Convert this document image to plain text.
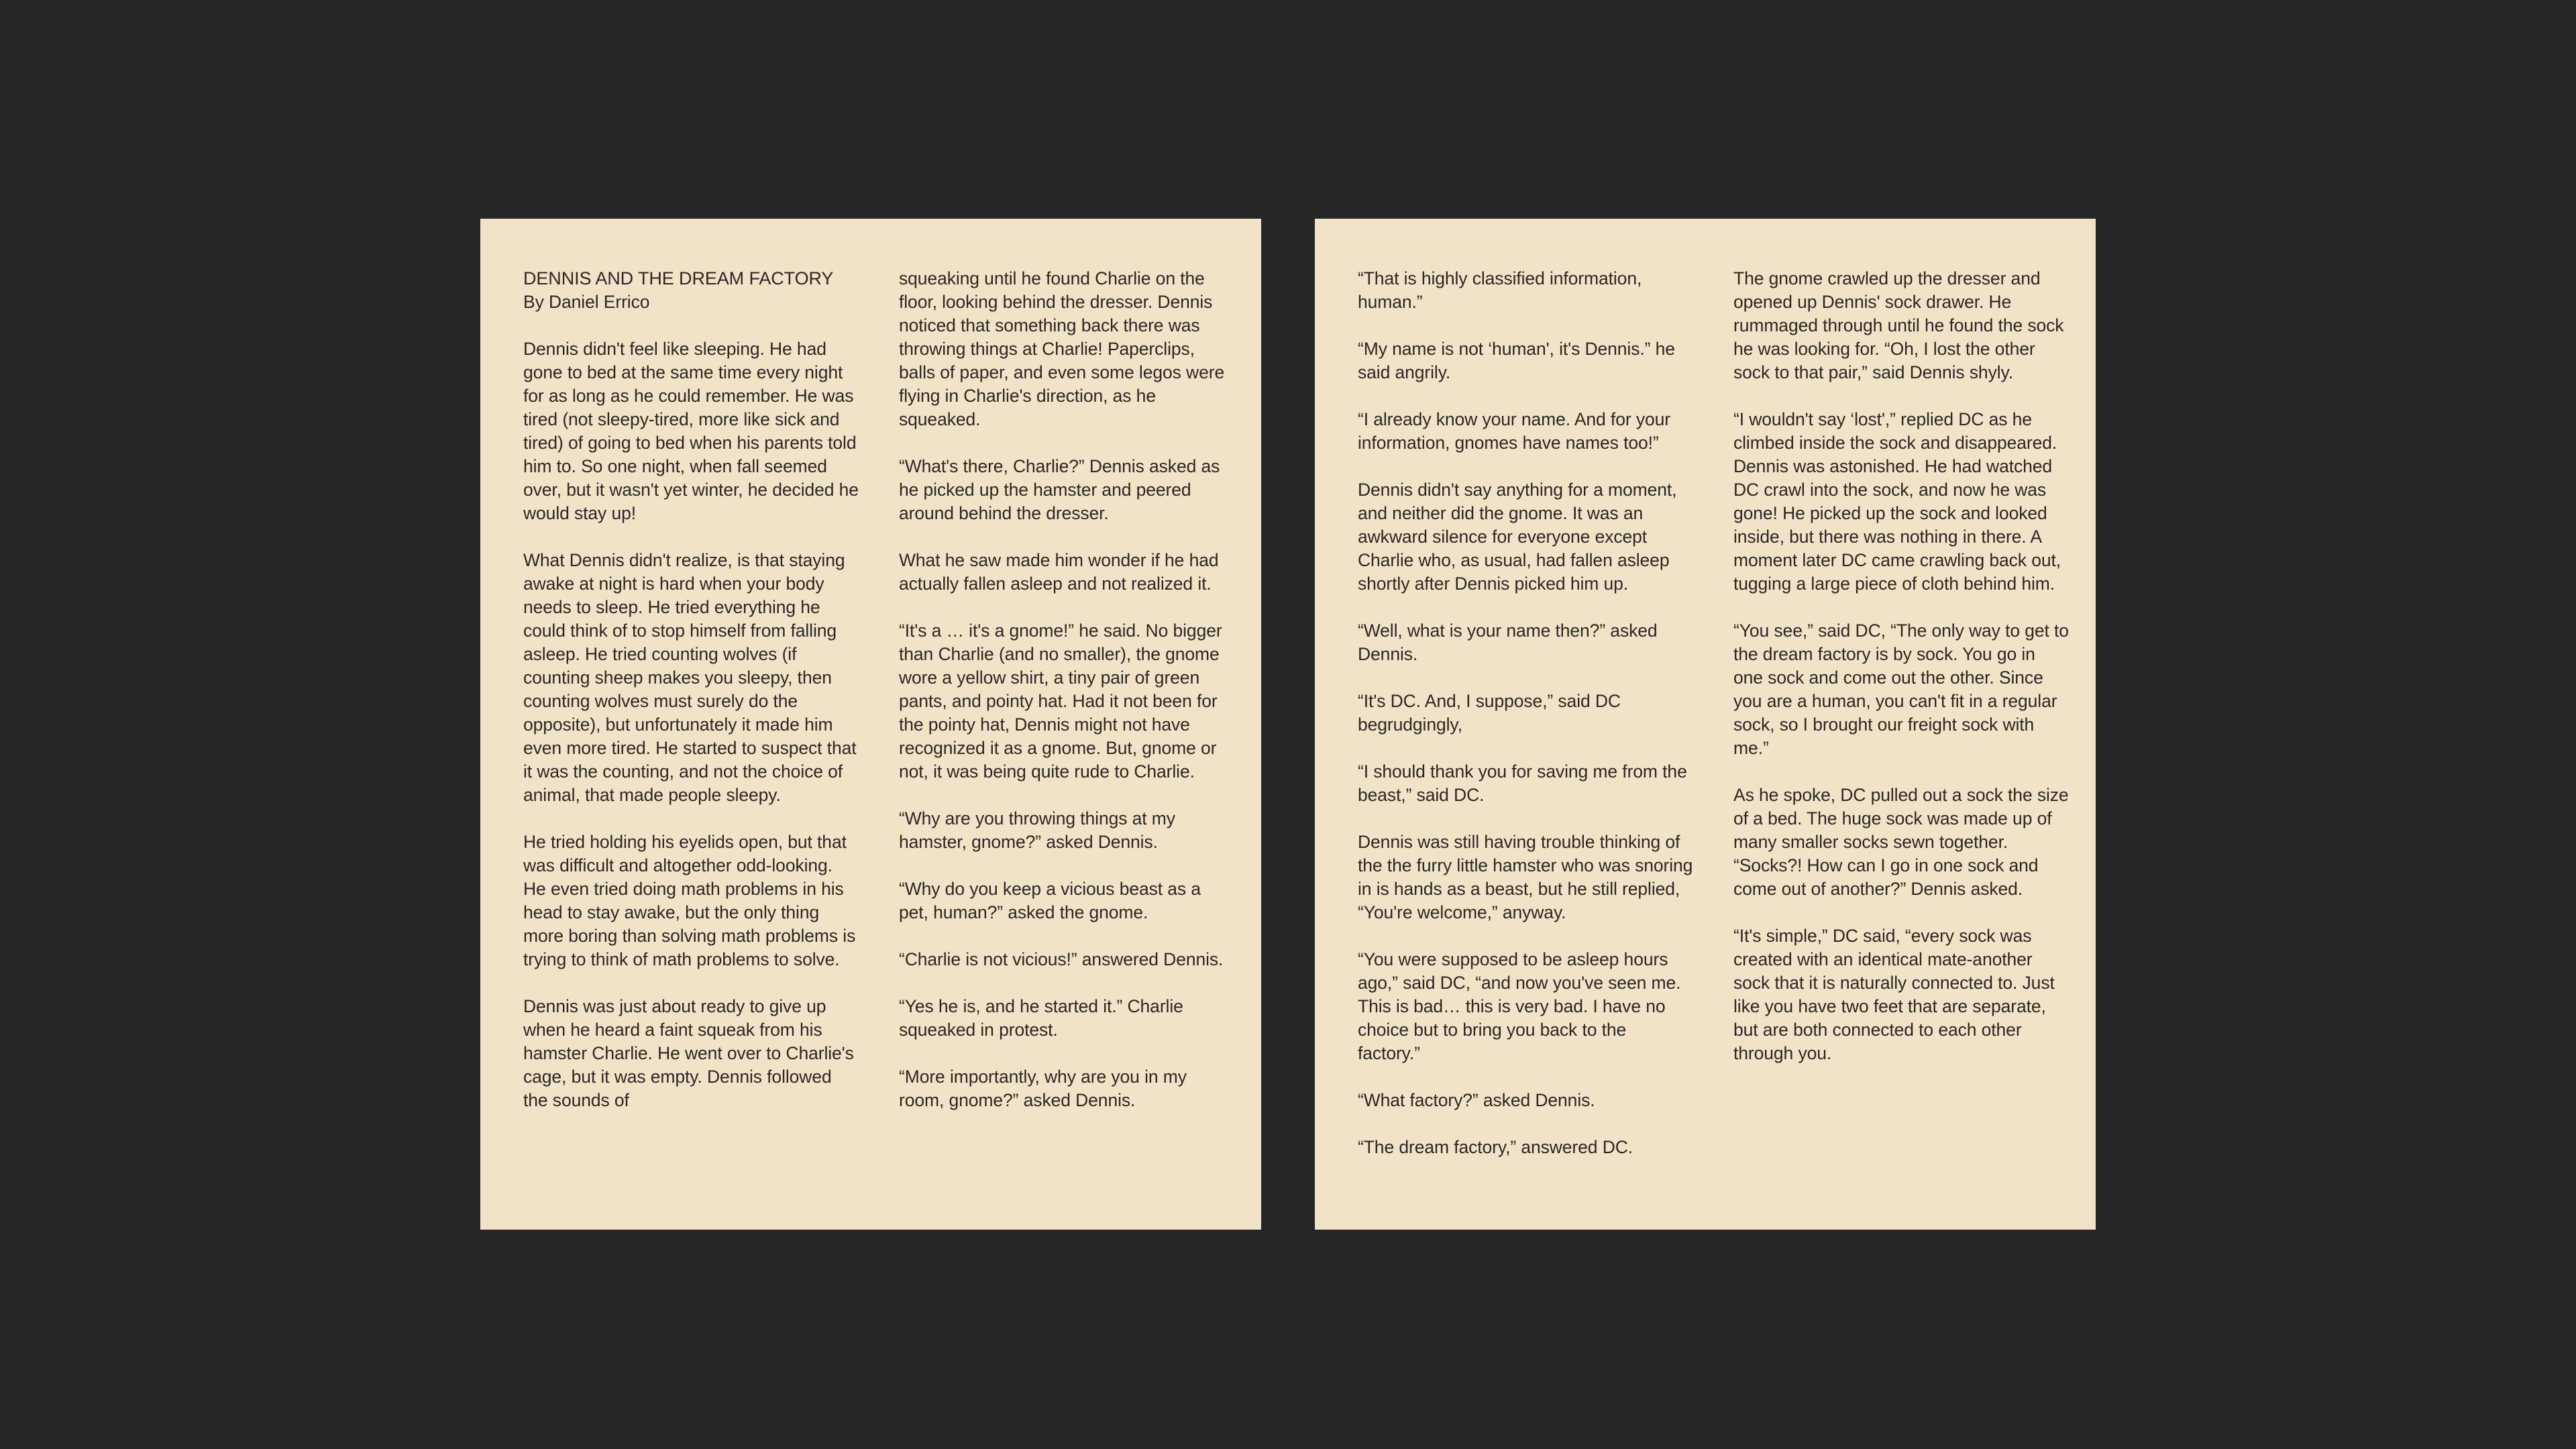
DENNIS AND THE DREAM FACTORY

By Daniel Errico

Dennis didn't feel like sleeping. He had gone to bed at the same time every night for as long as he could remember. He was tired (not sleepy-tired, more like sick and tired) of going to bed when his parents told him to. So one night, when fall seemed over, but it wasn't yet winter, he decided he would stay up!

What Dennis didn't realize, is that staying awake at night is hard when your body needs to sleep. He tried everything he could think of to stop himself from falling asleep. He tried counting wolves (if counting sheep makes you sleepy, then counting wolves must surely do the opposite), but unfortunately it made him even more tired. He started to suspect that it was the counting, and not the choice of animal, that made people sleepy.

He tried holding his eyelids open, but that was difficult and altogether odd-looking. He even tried doing math problems in his head to stay awake, but the only thing more boring than solving math problems is trying to think of math problems to solve.

Dennis was just about ready to give up when he heard a faint squeak from his hamster Charlie. He went over to Charlie's cage, but it was empty. Dennis followed the sounds of

squeaking until he found Charlie on the floor, looking behind the dresser. Dennis noticed that something back there was throwing things at Charlie! Paperclips, balls of paper, and even some legos were flying in Charlie's direction, as he squeaked.

“What's there, Charlie?” Dennis asked as he picked up the hamster and peered around behind the dresser.

What he saw made him wonder if he had actually fallen asleep and not realized it.

“It's a … it's a gnome!” he said. No bigger than Charlie (and no smaller), the gnome wore a yellow shirt, a tiny pair of green pants, and pointy hat. Had it not been for the pointy hat, Dennis might not have recognized it as a gnome. But, gnome or not, it was being quite rude to Charlie.

“Why are you throwing things at my hamster, gnome?” asked Dennis.

“Why do you keep a vicious beast as a pet, human?” asked the gnome.

“Charlie is not vicious!” answered Dennis.

“Yes he is, and he started it.” Charlie squeaked in protest.

“More importantly, why are you in my room, gnome?” asked Dennis.

“That is highly classified information, human.”

“My name is not ‘human', it's Dennis.” he said angrily.

“I already know your name. And for your information, gnomes have names too!”

Dennis didn't say anything for a moment, and neither did the gnome. It was an awkward silence for everyone except Charlie who, as usual, had fallen asleep shortly after Dennis picked him up.

“Well, what is your name then?” asked Dennis.

“It's DC. And, I suppose,” said DC begrudgingly,

“I should thank you for saving me from the beast,” said DC.

Dennis was still having trouble thinking of the the furry little hamster who was snoring in is hands as a beast, but he still replied, “You're welcome,” anyway.

“You were supposed to be asleep hours ago,” said DC, “and now you've seen me. This is bad… this is very bad. I have no choice but to bring you back to the factory.”

“What factory?” asked Dennis.

“The dream factory,” answered DC.

The gnome crawled up the dresser and opened up Dennis' sock drawer. He rummaged through until he found the sock he was looking for. “Oh, I lost the other sock to that pair,” said Dennis shyly.

“I wouldn't say ‘lost',” replied DC as he climbed inside the sock and disappeared. Dennis was astonished. He had watched DC crawl into the sock, and now he was gone! He picked up the sock and looked inside, but there was nothing in there. A moment later DC came crawling back out, tugging a large piece of cloth behind him.

“You see,” said DC, “The only way to get to the dream factory is by sock. You go in one sock and come out the other. Since you are a human, you can't fit in a regular sock, so I brought our freight sock with me.”

As he spoke, DC pulled out a sock the size of a bed. The huge sock was made up of many smaller socks sewn together. “Socks?! How can I go in one sock and come out of another?” Dennis asked.

“It's simple,” DC said, “every sock was created with an identical mate-another sock that it is naturally connected to. Just like you have two feet that are separate, but are both connected to each other through you.
